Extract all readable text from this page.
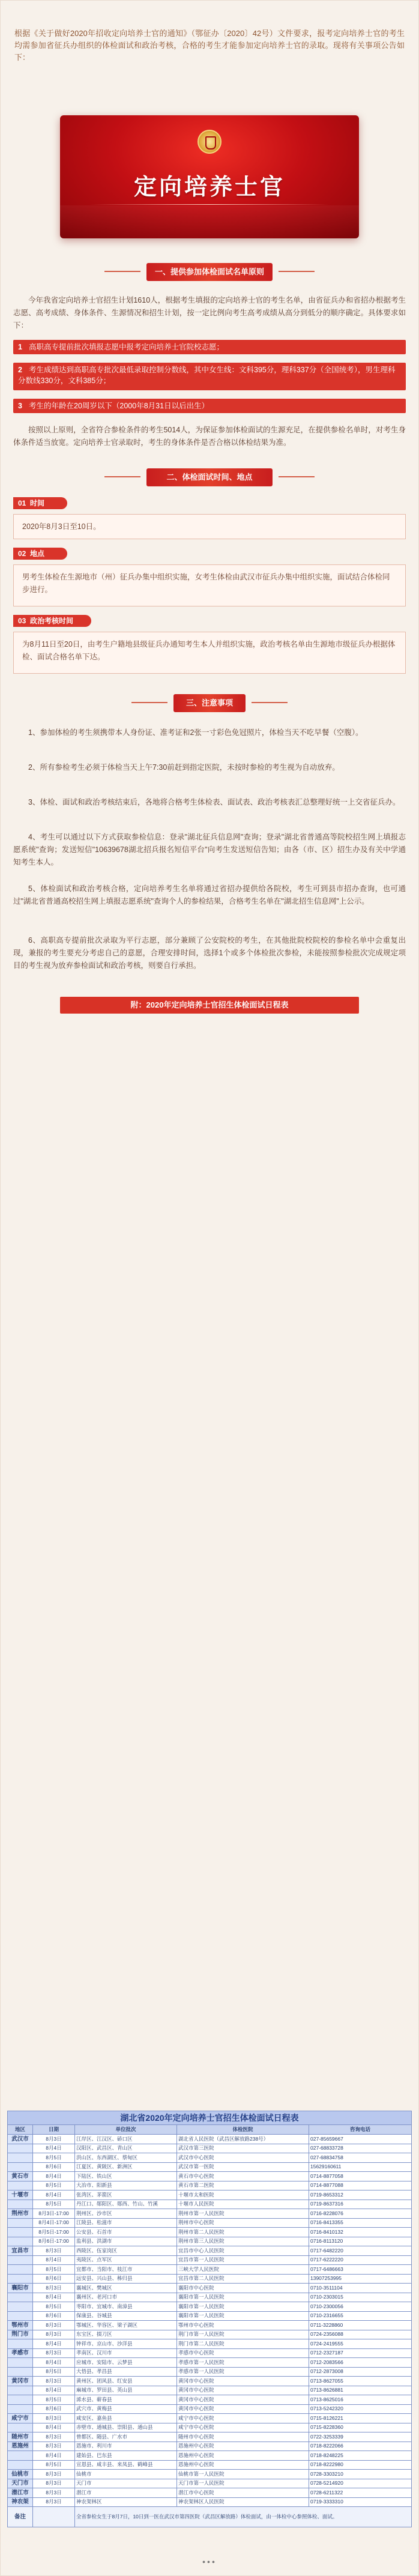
根据《关于做好2020年招收定向培养士官的通知》（鄂征办〔2020〕42号）文件要求，报考定向培养士官的考生均需参加省征兵办组织的体检面试和政治考核，合格的考生才能参加定向培养士官的录取。现将有关事项公告如下：

定向培养士官
一、提供参加体检面试名单原则

今年我省定向培养士官招生计划1610人，根据考生填报的定向培养士官的考生名单，由省征兵办和省招办根据考生志愿、高考成绩、身体条件、生源情况和招生计划，按一定比例向考生高考成绩从高分到低分的顺序确定。具体要求如下：

1 高职高专提前批次填报志愿中报考定向培养士官院校志愿；
2 考生成绩达到高职高专批次最低录取控制分数线，其中女生线：文科395分，理科337分（全国统考），男生理科分数线330分，文科385分；
3 考生的年龄在20周岁以下（2000年8月31日以后出生）

按照以上原则，全省符合参检条件的考生5014人，为保证参加体检面试的生源充足，在提供参检名单时，对考生身体条件适当放宽。定向培养士官录取时，考生的身体条件是否合格以体检结果为准。

二、体检面试时间、地点
01 时间
2020年8月3日至10日。
02 地点
男考生体检在生源地市（州）征兵办集中组织实施，女考生体检由武汉市征兵办集中组织实施，面试结合体检同步进行。
03 政治考核时间
为8月11日至20日，由考生户籍地县级征兵办通知考生本人并组织实施，政治考核名单由生源地市级征兵办根据体检、面试合格名单下达。
三、注意事项

1、参加体检的考生须携带本人身份证、准考证和2张一寸彩色免冠照片，体检当天不吃早餐（空腹）。

2、所有参检考生必须于体检当天上午7:30前赶到指定医院，未按时参检的考生视为自动放弃。

3、体检、面试和政治考核结束后，各地将合格考生体检表、面试表、政治考核表汇总整理好统一上交省征兵办。

4、考生可以通过以下方式获取参检信息：登录"湖北征兵信息网"查询；登录"湖北省普通高等院校招生网上填报志愿系统"查询；发送短信"10639678湖北招兵报名短信平台"向考生发送短信告知；由各（市、区）招生办及有关中学通知考生本人。

5、体检面试和政治考核合格，定向培养考生名单将通过省招办提供给各院校，考生可到县市招办查询，也可通过"湖北省普通高校招生网上填报志愿系统"查询个人的参检结果，合格考生名单在"湖北招生信息网"上公示。

6、高职高专提前批次录取为平行志愿，部分兼顾了公安院校的考生，在其他批院校院校的参检名单中会重复出现，兼报的考生要充分考虑自己的意愿，合理安排时间，选择1个或多个体检批次参检，未能按照参检批次完成规定项目的考生视为放弃参检面试和政治考核，则要自行承担。

附：2020年定向培养士官招生体检面试日程表
湖北省2020年定向培养士官招生体检面试日程表
地区	日期	单位批次	体检医院	咨询电话
武汉市	8月3日	江岸区、江汉区、硚口区	湖北省人民医院（武昌区解放路238号）	027-85659667
	8月4日	汉阳区、武昌区、青山区	武汉市第三医院	027-68833728
	8月5日	洪山区、东西湖区、蔡甸区	武汉市中心医院	027-68834758
	8月6日	江夏区、黄陂区、新洲区	武汉市第一医院	15629160611
黄石市	8月4日	下陆区、铁山区	黄石市中心医院	0714-8877058
	8月5日	大冶市、阳新县	黄石市第二医院	0714-8877088
十堰市	8月4日	张湾区、茅箭区	十堰市太和医院	0719-8653312
	8月5日	丹江口、郧阳区、郧西、竹山、竹溪	十堰市人民医院	0719-8637316
荆州市	8月3日-17:00	荆州区、沙市区	荆州市第一人民医院	0716-8228076
	8月4日-17:00	江陵县、松滋市	荆州市中心医院	0716-8413355
	8月5日-17:00	公安县、石首市	荆州市第二人民医院	0716-8410132
	8月6日-17:00	监利县、洪湖市	荆州市第三人民医院	0716-8113120
宜昌市	8月3日	西陵区、伍家岗区	宜昌市中心人民医院	0717-6482220
	8月4日	夷陵区、点军区	宜昌市第一人民医院	0717-6222220
	8月5日	宜都市、当阳市、枝江市	三峡大学人民医院	0717-6486663
	8月6日	远安县、兴山县、秭归县	宜昌市第二人民医院	13907253995
襄阳市	8月3日	襄城区、樊城区	襄阳市中心医院	0710-3511104
	8月4日	襄州区、老河口市	襄阳市第一人民医院	0710-2303015
	8月5日	枣阳市、宜城市、南漳县	襄阳市第一人民医院	0710-2300056
	8月6日	保康县、谷城县	襄阳市第一人民医院	0710-2316655
鄂州市	8月3日	鄂城区、华容区、梁子湖区	鄂州市中心医院	0711-3228860
荆门市	8月3日	东宝区、掇刀区	荆门市第一人民医院	0724-2356088
	8月4日	钟祥市、京山市、沙洋县	荆门市第二人民医院	0724-2419555
孝感市	8月3日	孝南区、汉川市	孝感市中心医院	0712-2327187
	8月4日	应城市、安陆市、云梦县	孝感市第一人民医院	0712-2083566
	8月5日	大悟县、孝昌县	孝感市第一人民医院	0712-2873008
黄冈市	8月3日	黄州区、团风县、红安县	黄冈市中心医院	0713-8627055
	8月4日	麻城市、罗田县、英山县	黄冈市中心医院	0713-8626881
	8月5日	浠水县、蕲春县	黄冈市中心医院	0713-8625016
	8月6日	武穴市、黄梅县	黄冈市中心医院	0713-5242320
咸宁市	8月3日	咸安区、嘉鱼县	咸宁市中心医院	0715-8126221
	8月4日	赤壁市、通城县、崇阳县、通山县	咸宁市中心医院	0715-8228360
随州市	8月3日	曾都区、随县、广水市	随州市中心医院	0722-3253339
恩施州	8月3日	恩施市、利川市	恩施州中心医院	0718-8222066
	8月4日	建始县、巴东县	恩施州中心医院	0718-8248225
	8月5日	宣恩县、咸丰县、来凤县、鹤峰县	恩施州中心医院	0718-8222980
仙桃市	8月3日	仙桃市	仙桃市第一人民医院	0728-3303210
天门市	8月3日	天门市	天门市第一人民医院	0728-5214920
潜江市	8月3日	潜江市	潜江市中心医院	0728-6211322
神农架	8月3日	神农架林区	神农架林区人民医院	0719-3333310
备注		全省参检女生于8月7日，10日到一医在武汉市第四医院（武昌区解放路）体检面试，由一体检中心参照体检、面试。		
•••
